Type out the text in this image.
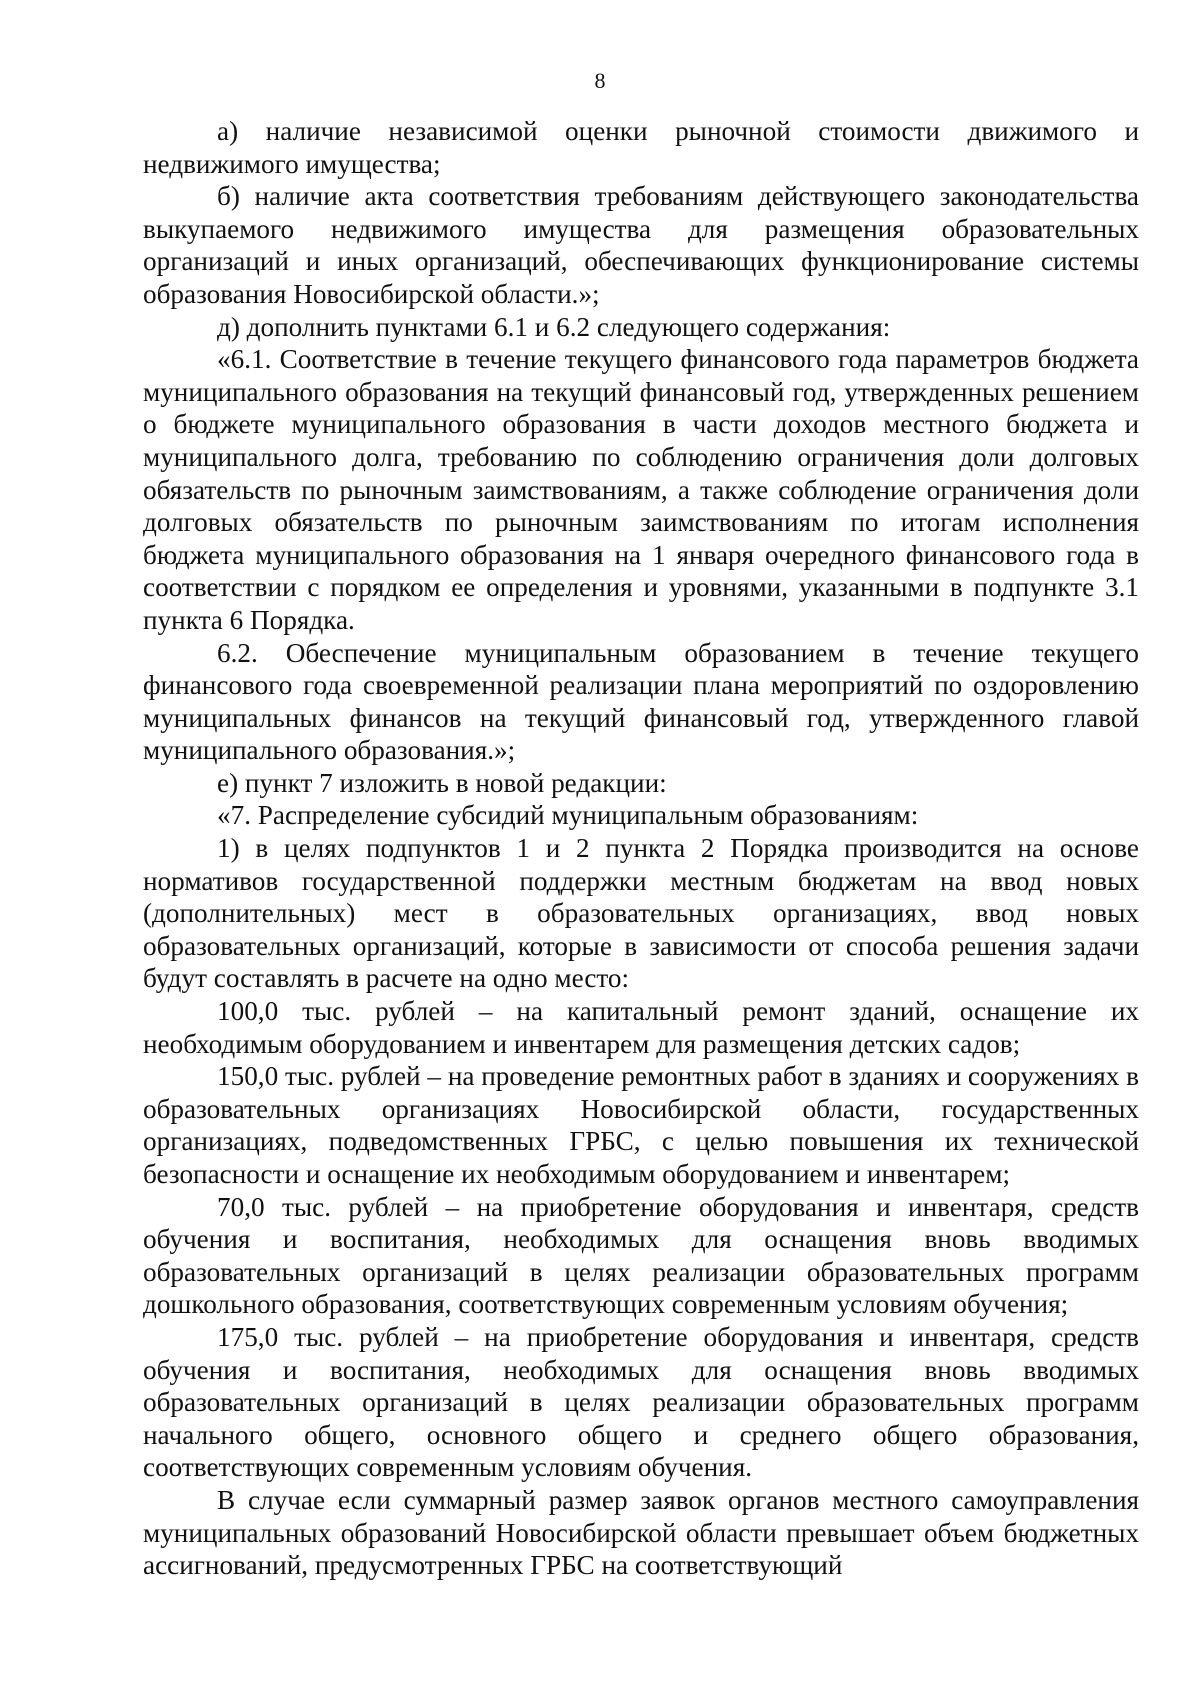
8

а) наличие независимой оценки рыночной стоимости движимого и недвижимого имущества;

б) наличие акта соответствия требованиям действующего законодательства выкупаемого недвижимого имущества для размещения образовательных организаций и иных организаций, обеспечивающих функционирование системы образования Новосибирской области.»;

д) дополнить пунктами 6.1 и 6.2 следующего содержания:

«6.1. Соответствие в течение текущего финансового года параметров бюджета муниципального образования на текущий финансовый год, утвержденных решением о бюджете муниципального образования в части доходов местного бюджета и муниципального долга, требованию по соблюдению ограничения доли долговых обязательств по рыночным заимствованиям, а также соблюдение ограничения доли долговых обязательств по рыночным заимствованиям по итогам исполнения бюджета муниципального образования на 1 января очередного финансового года в соответствии с порядком ее определения и уровнями, указанными в подпункте 3.1 пункта 6 Порядка.

6.2. Обеспечение муниципальным образованием в течение текущего финансового года своевременной реализации плана мероприятий по оздоровлению муниципальных финансов на текущий финансовый год, утвержденного главой муниципального образования.»;

е) пункт 7 изложить в новой редакции:

«7. Распределение субсидий муниципальным образованиям:

1) в целях подпунктов 1 и 2 пункта 2 Порядка производится на основе нормативов государственной поддержки местным бюджетам на ввод новых (дополнительных) мест в образовательных организациях, ввод новых образовательных организаций, которые в зависимости от способа решения задачи будут составлять в расчете на одно место:

100,0 тыс. рублей – на капитальный ремонт зданий, оснащение их необходимым оборудованием и инвентарем для размещения детских садов;

150,0 тыс. рублей – на проведение ремонтных работ в зданиях и сооружениях в образовательных организациях Новосибирской области, государственных организациях, подведомственных ГРБС, с целью повышения их технической безопасности и оснащение их необходимым оборудованием и инвентарем;

70,0 тыс. рублей – на приобретение оборудования и инвентаря, средств обучения и воспитания, необходимых для оснащения вновь вводимых образовательных организаций в целях реализации образовательных программ дошкольного образования, соответствующих современным условиям обучения;

175,0 тыс. рублей – на приобретение оборудования и инвентаря, средств обучения и воспитания, необходимых для оснащения вновь вводимых образовательных организаций в целях реализации образовательных программ начального общего, основного общего и среднего общего образования, соответствующих современным условиям обучения.

В случае если суммарный размер заявок органов местного самоуправления муниципальных образований Новосибирской области превышает объем бюджетных ассигнований, предусмотренных ГРБС на соответствующий
